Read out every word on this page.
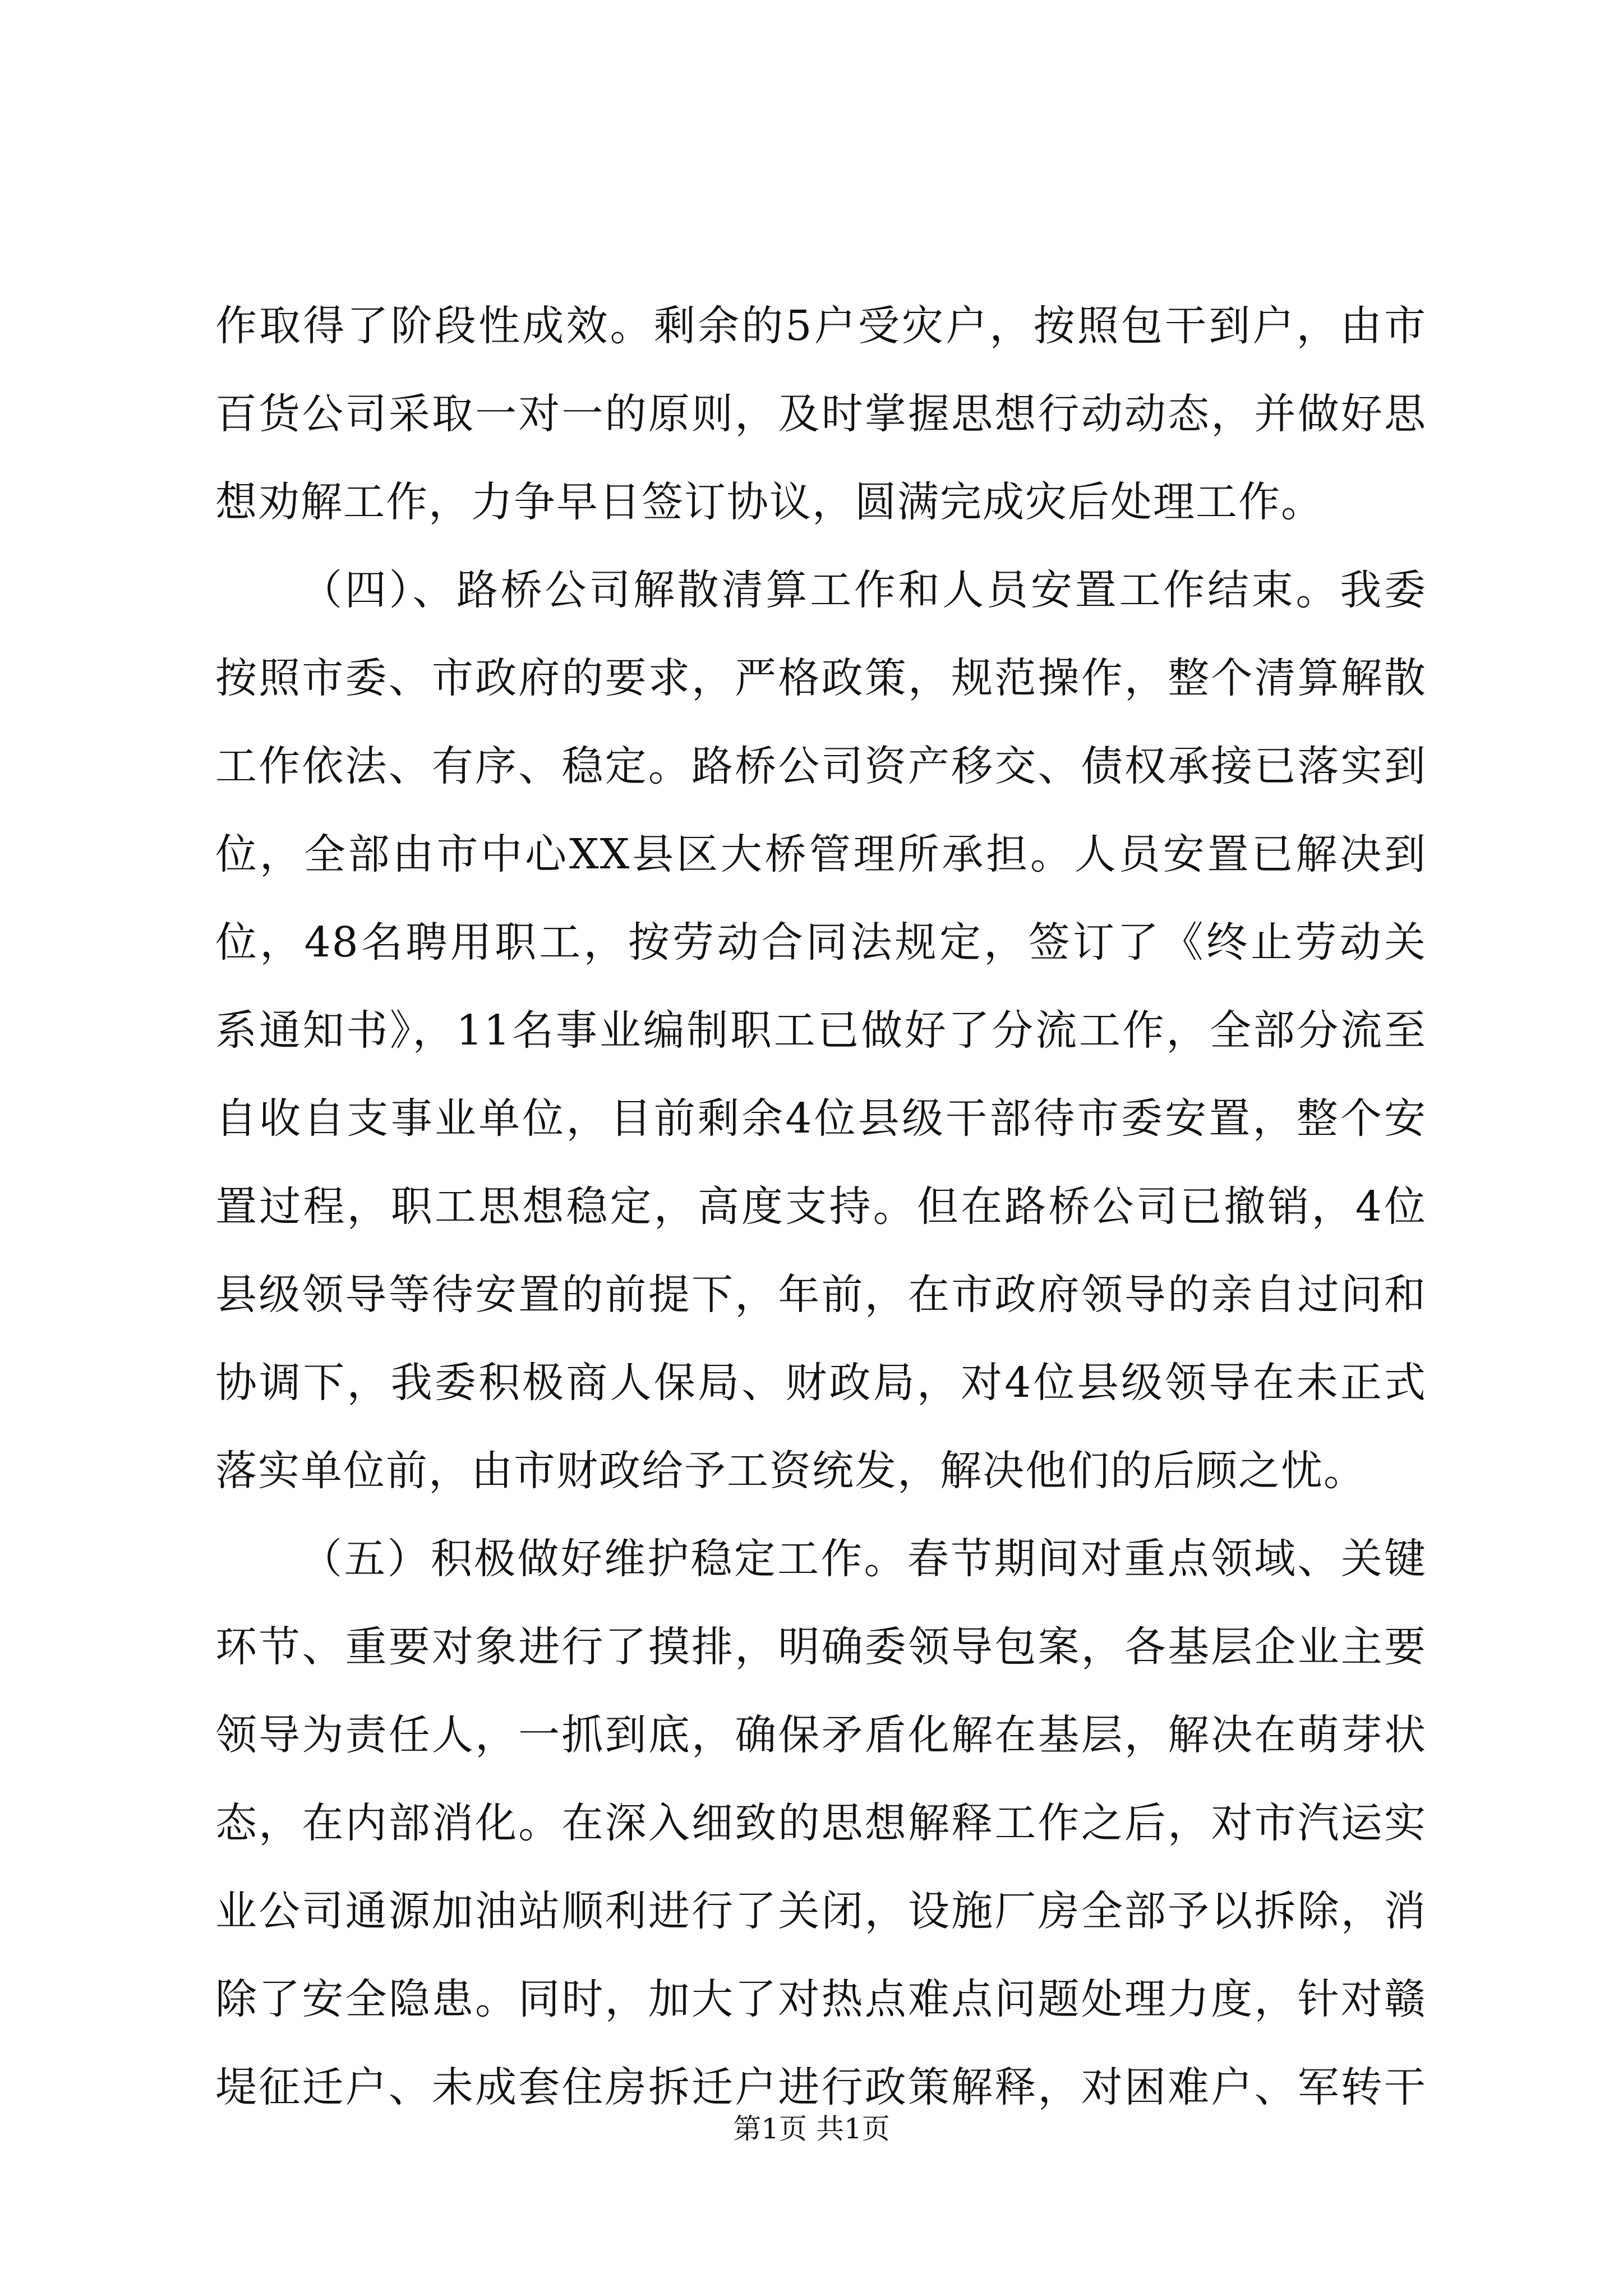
作取得了阶段性成效。剩余的5户受灾户，按照包干到户，由市
百货公司采取一对一的原则，及时掌握思想行动动态，并做好思
想劝解工作，力争早日签订协议，圆满完成灾后处理工作。
（四）、路桥公司解散清算工作和人员安置工作结束。我委
按照市委、市政府的要求，严格政策，规范操作，整个清算解散
工作依法、有序、稳定。路桥公司资产移交、债权承接已落实到
位，全部由市中心XX县区大桥管理所承担。人员安置已解决到
位，48名聘用职工，按劳动合同法规定，签订了《终止劳动关
系通知书》，11名事业编制职工已做好了分流工作，全部分流至
自收自支事业单位，目前剩余4位县级干部待市委安置，整个安
置过程，职工思想稳定，高度支持。但在路桥公司已撤销，4位
县级领导等待安置的前提下，年前，在市政府领导的亲自过问和
协调下，我委积极商人保局、财政局，对4位县级领导在未正式
落实单位前，由市财政给予工资统发，解决他们的后顾之忧。
（五）积极做好维护稳定工作。春节期间对重点领域、关键
环节、重要对象进行了摸排，明确委领导包案，各基层企业主要
领导为责任人，一抓到底，确保矛盾化解在基层，解决在萌芽状
态，在内部消化。在深入细致的思想解释工作之后，对市汽运实
业公司通源加油站顺利进行了关闭，设施厂房全部予以拆除，消
除了安全隐患。同时，加大了对热点难点问题处理力度，针对赣
堤征迁户、未成套住房拆迁户进行政策解释，对困难户、军转干
第1页 共1页
